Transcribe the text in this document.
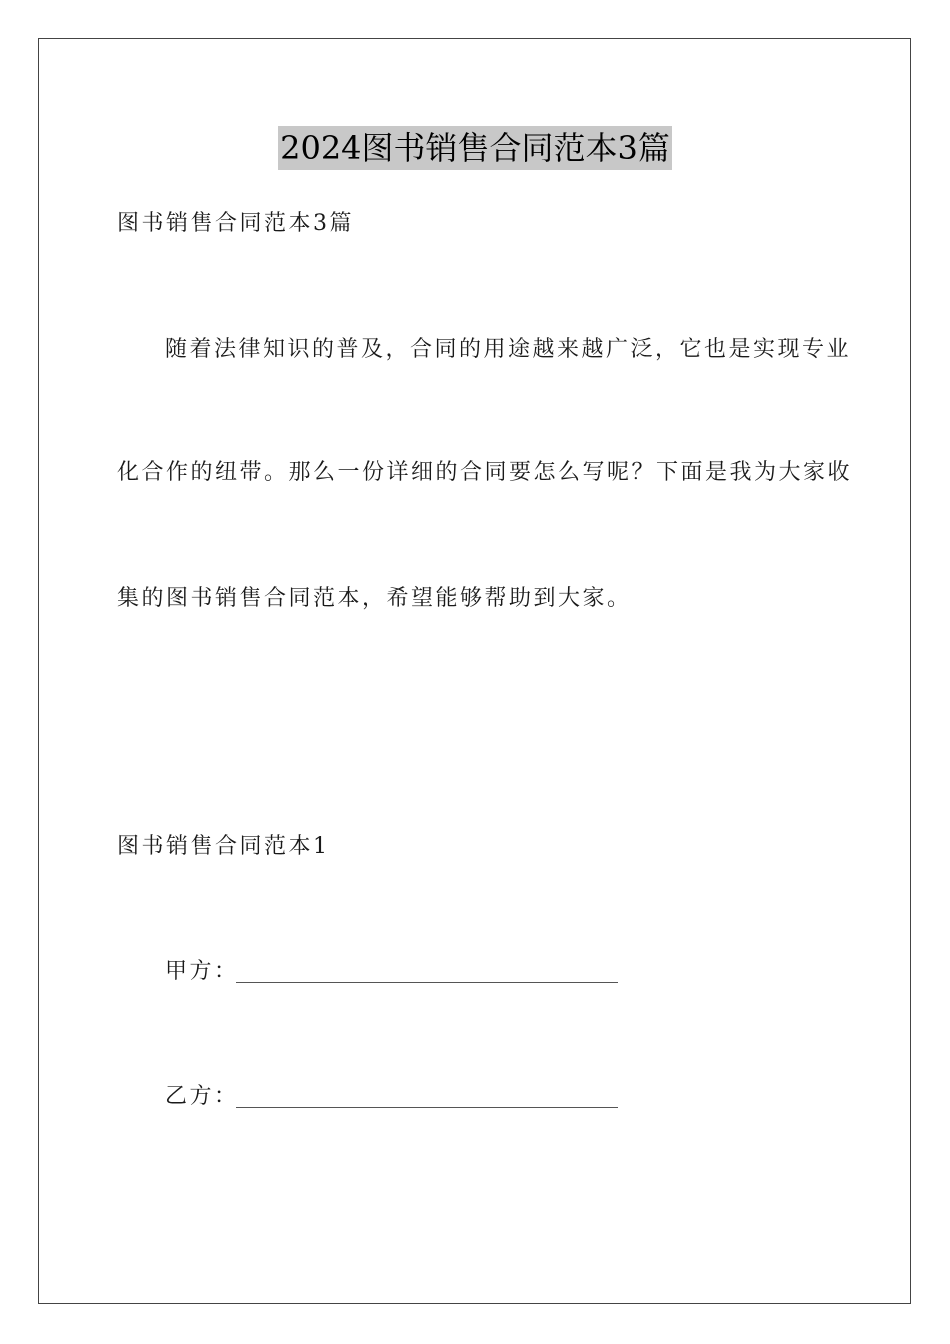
2024图书销售合同范本3篇
图书销售合同范本3篇
随着法律知识的普及，合同的用途越来越广泛，它也是实现专业
化合作的纽带。那么一份详细的合同要怎么写呢？下面是我为大家收
集的图书销售合同范本，希望能够帮助到大家。
图书销售合同范本1
甲方：
乙方：
